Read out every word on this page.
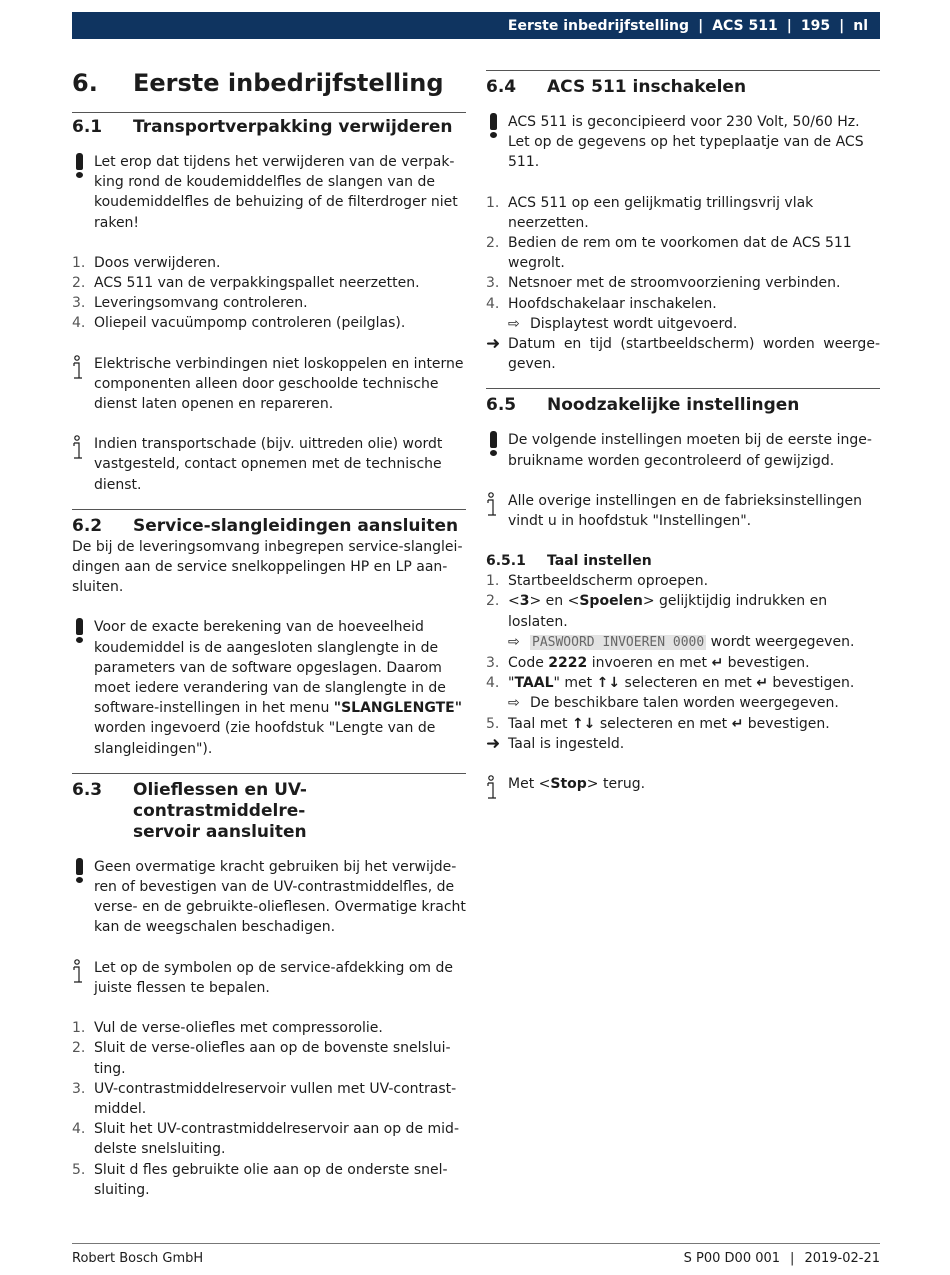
Eerste inbedrijfstelling | ACS 511 | 195 | nl
6.	Eerste inbedrijfstelling
6.1	Transportverpakking verwijderen
Let erop dat tijdens het verwijderen van de verpakking rond de koudemiddelfles de slangen van de koudemiddelfles de behuizing of de filterdroger niet raken!
1. Doos verwijderen.
2. ACS 511 van de verpakkingspallet neerzetten.
3. Leveringsomvang controleren.
4. Oliepeil vacuümpomp controleren (peilglas).
Elektrische verbindingen niet loskoppelen en interne componenten alleen door geschoolde technische dienst laten openen en repareren.
Indien transportschade (bijv. uittreden olie) wordt vastgesteld, contact opnemen met de technische dienst.
6.2	Service-slangleidingen aansluiten

De bij de leveringsomvang inbegrepen service-slangleidingen aan de service snelkoppelingen HP en LP aansluiten.

Voor de exacte berekening van de hoeveelheid koudemiddel is de aangesloten slanglengte in de parameters van de software opgeslagen. Daarom moet iedere verandering van de slanglengte in de software-instellingen in het menu "SLANGLENGTE" worden ingevoerd (zie hoofdstuk "Lengte van de slangleidingen").
6.3	Olieflessen en UV-contrastmiddelre-
servoir aansluiten
Geen overmatige kracht gebruiken bij het verwijderen of bevestigen van de UV-contrastmiddelfles, de verse- en de gebruikte-olieflesen. Overmatige kracht kan de weegschalen beschadigen.
Let op de symbolen op de service-afdekking om de juiste flessen te bepalen.
1. Vul de verse-oliefles met compressorolie.
2. Sluit de verse-oliefles aan op de bovenste snelsluiting.
3. UV-contrastmiddelreservoir vullen met UV-contrastmiddel.
4. Sluit het UV-contrastmiddelreservoir aan op de middelste snelsluiting.
5. Sluit d fles gebruikte olie aan op de onderste snelsluiting.
6.4	ACS 511 inschakelen
ACS 511 is geconcipieerd voor 230 Volt, 50/60 Hz. Let op de gegevens op het typeplaatje van de ACS 511.
1. ACS 511 op een gelijkmatig trillingsvrij vlak neerzetten.
2. Bedien de rem om te voorkomen dat de ACS 511 wegrolt.
3. Netsnoer met de stroomvoorziening verbinden.
4. Hoofdschakelaar inschakelen.
⇨ Displaytest wordt uitgevoerd.
➜ Datum en tijd (startbeeldscherm) worden weergegeven.
6.5	Noodzakelijke instellingen
De volgende instellingen moeten bij de eerste ingebruikname worden gecontroleerd of gewijzigd.
Alle overige instellingen en de fabrieksinstellingen vindt u in hoofdstuk "Instellingen".
6.5.1	Taal instellen
1. Startbeeldscherm oproepen.
2. <3> en <Spoelen> gelijktijdig indrukken en loslaten.
⇨ PASWOORD INVOEREN 0000 wordt weergegeven.
3. Code 2222 invoeren en met ↵ bevestigen.
4. "TAAL" met ↑↓ selecteren en met ↵ bevestigen.
⇨ De beschikbare talen worden weergegeven.
5. Taal met ↑↓ selecteren en met ↵ bevestigen.
➜ Taal is ingesteld.
Met <Stop> terug.
Robert Bosch GmbH	S P00 D00 001 | 2019-02-21
